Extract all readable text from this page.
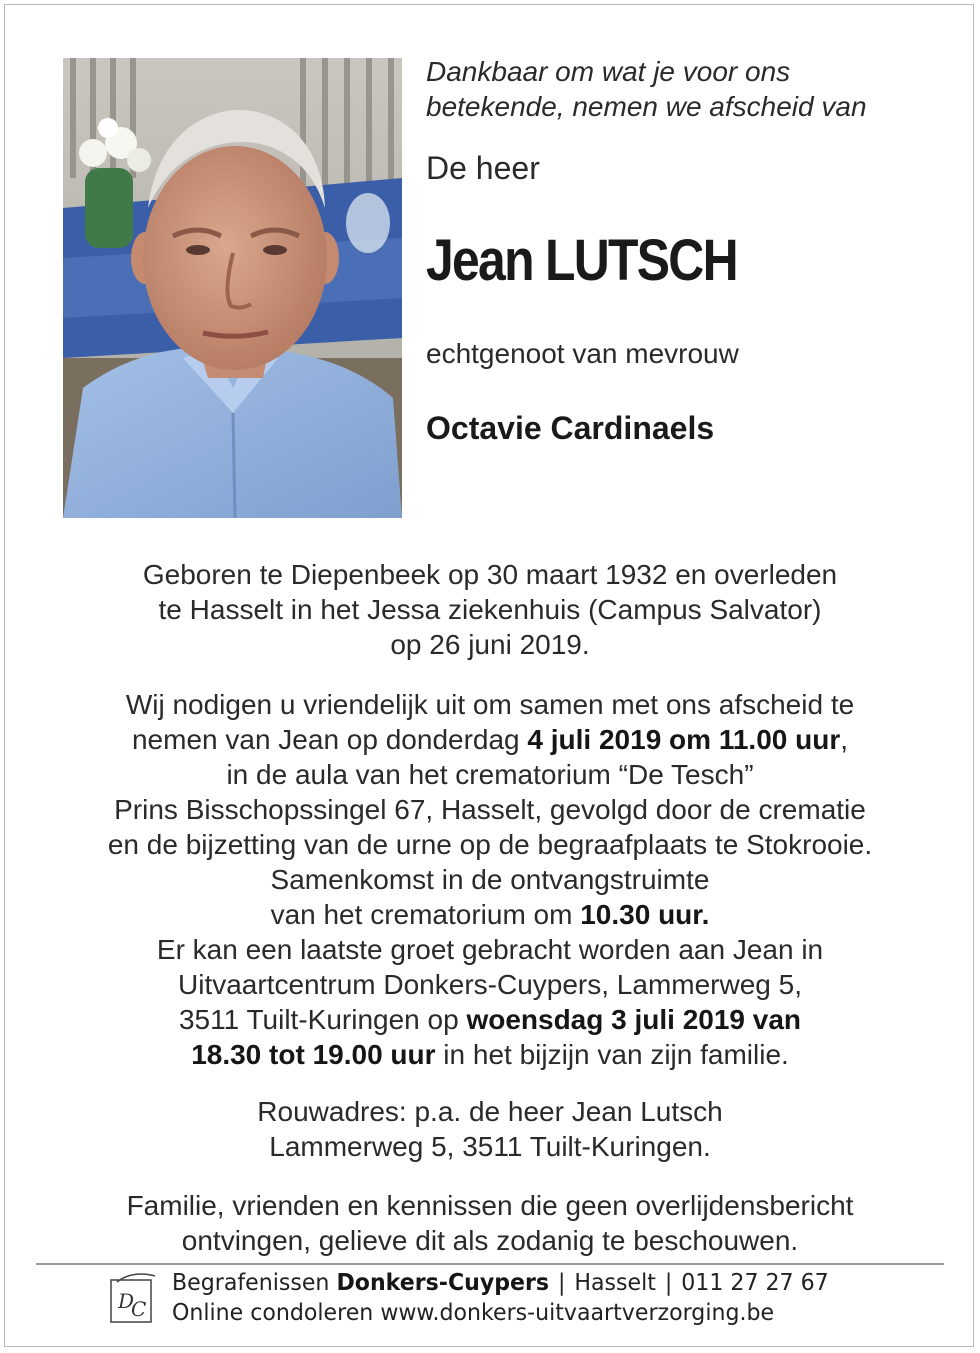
Dankbaar om wat je voor ons
betekende, nemen we afscheid van
De heer
Jean LUTSCH
echtgenoot van mevrouw
Octavie Cardinaels

Geboren te Diepenbeek op 30 maart 1932 en overleden

te Hasselt in het Jessa ziekenhuis (Campus Salvator)

op 26 juni 2019.

Wij nodigen u vriendelijk uit om samen met ons afscheid te

nemen van Jean op donderdag 4 juli 2019 om 11.00 uur,

in de aula van het crematorium “De Tesch”

Prins Bisschopssingel 67, Hasselt, gevolgd door de crematie

en de bijzetting van de urne op de begraafplaats te Stokrooie.

Samenkomst in de ontvangstruimte

van het crematorium om 10.30 uur.

Er kan een laatste groet gebracht worden aan Jean in

Uitvaartcentrum Donkers-Cuypers, Lammerweg 5,

3511 Tuilt-Kuringen op woensdag 3 juli 2019 van

18.30 tot 19.00 uur in het bijzijn van zijn familie.

Rouwadres: p.a. de heer Jean Lutsch

Lammerweg 5, 3511 Tuilt-Kuringen.

Familie, vrienden en kennissen die geen overlijdensbericht

ontvingen, gelieve dit als zodanig te beschouwen.

D
C
Begrafenissen Donkers-Cuypers | Hasselt | 011 27 27 67
Online condoleren www.donkers-uitvaartverzorging.be
